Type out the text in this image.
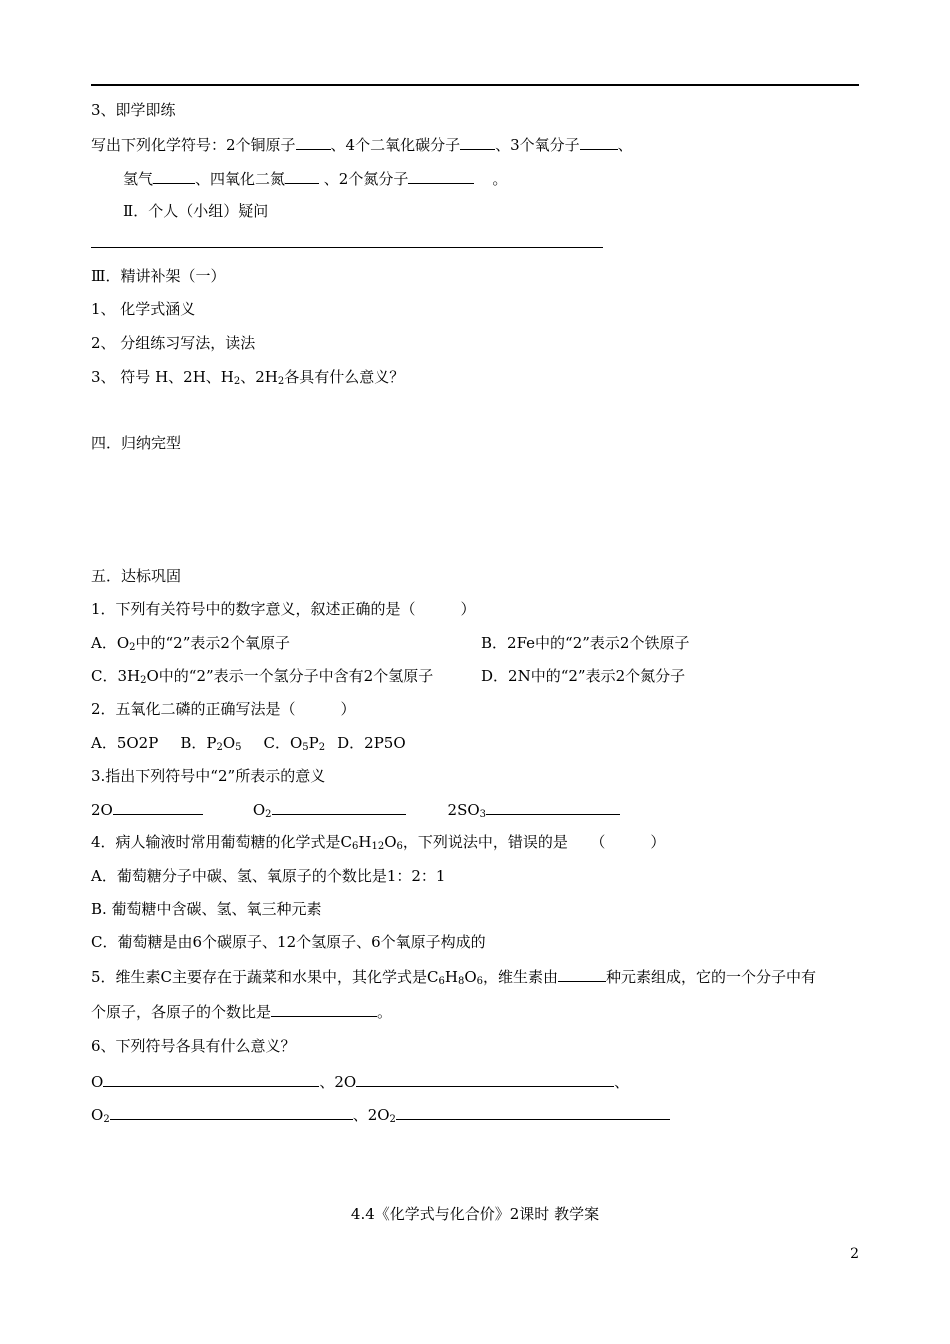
3、即学即练
写出下列化学符号：2个铜原子 、4个二氧化碳分子 、3个氧分子	、
氢气	、四氧化二氮 、2个氮分子	。
Ⅱ．个人（小组）疑问
Ⅲ．精讲补架（一）
1、 化学式涵义
2、 分组练习写法，读法
3、 符号 H、2H、$H_2$、$2H_2$各具有什么意义？
四．归纳完型
五．达标巩固
1．下列有关符号中的数字意义，叙述正确的是（　　　）
A．$O_2$中的“2”表示2个氧原子	B．2Fe中的“2”表示2个铁原子
C．$3H_2O$中的“2”表示一个氢分子中含有2个氢原子	D．2N中的“2”表示2个氮分子
2．五氧化二磷的正确写法是（　　　）
A．5O2P B．$P_2O_5$ C．$O_5P_2$ D．2P5O
3.指出下列符号中“2”所表示的意义
2O	$O_2$	$2SO_3$
4．病人输液时常用葡萄糖的化学式是$C_6H_{12}O_6$，下列说法中，错误的是　　（　　　）
A．葡萄糖分子中碳、氢、氧原子的个数比是1：2：1
B. 葡萄糖中含碳、氢、氧三种元素
C．葡萄糖是由6个碳原子、12个氢原子、6个氧原子构成的
5．维生素C主要存在于蔬菜和水果中，其化学式是$C_6H_8O_6$，维生素由	种元素组成，它的一个分子中有
个原子，各原子的个数比是	。
6、下列符号各具有什么意义？
O	、2O	、
$O_2$	、$2O_2$
4.4《化学式与化合价》2课时 教学案
2
